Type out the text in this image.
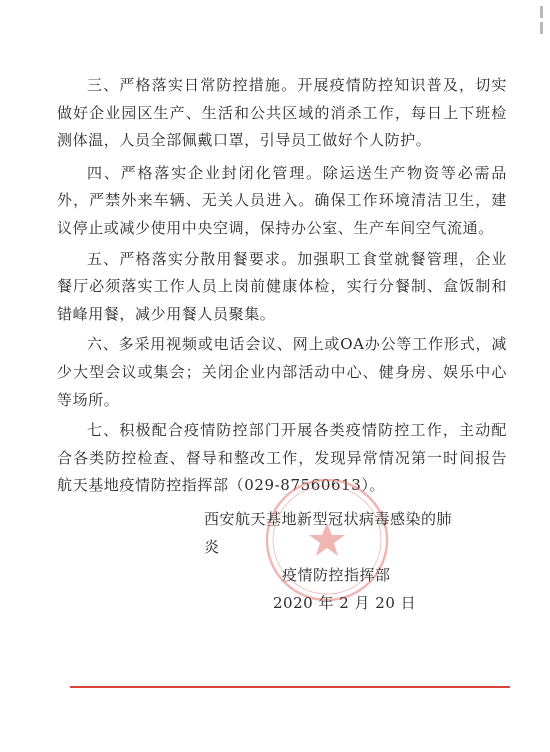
三、严格落实日常防控措施。开展疫情防控知识普及，切实做好企业园区生产、生活和公共区域的消杀工作，每日上下班检测体温，人员全部佩戴口罩，引导员工做好个人防护。

四、严格落实企业封闭化管理。除运送生产物资等必需品外，严禁外来车辆、无关人员进入。确保工作环境清洁卫生，建议停止或减少使用中央空调，保持办公室、生产车间空气流通。

五、严格落实分散用餐要求。加强职工食堂就餐管理，企业餐厅必须落实工作人员上岗前健康体检，实行分餐制、盒饭制和错峰用餐，减少用餐人员聚集。

六、多采用视频或电话会议、网上或OA办公等工作形式，减少大型会议或集会；关闭企业内部活动中心、健身房、娱乐中心等场所。

七、积极配合疫情防控部门开展各类疫情防控工作，主动配合各类防控检查、督导和整改工作，发现异常情况第一时间报告航天基地疫情防控指挥部（029-87560613）。

西安航天基地新型冠状病毒感染的肺炎
疫情防控指挥部
2020 年 2 月 20 日
